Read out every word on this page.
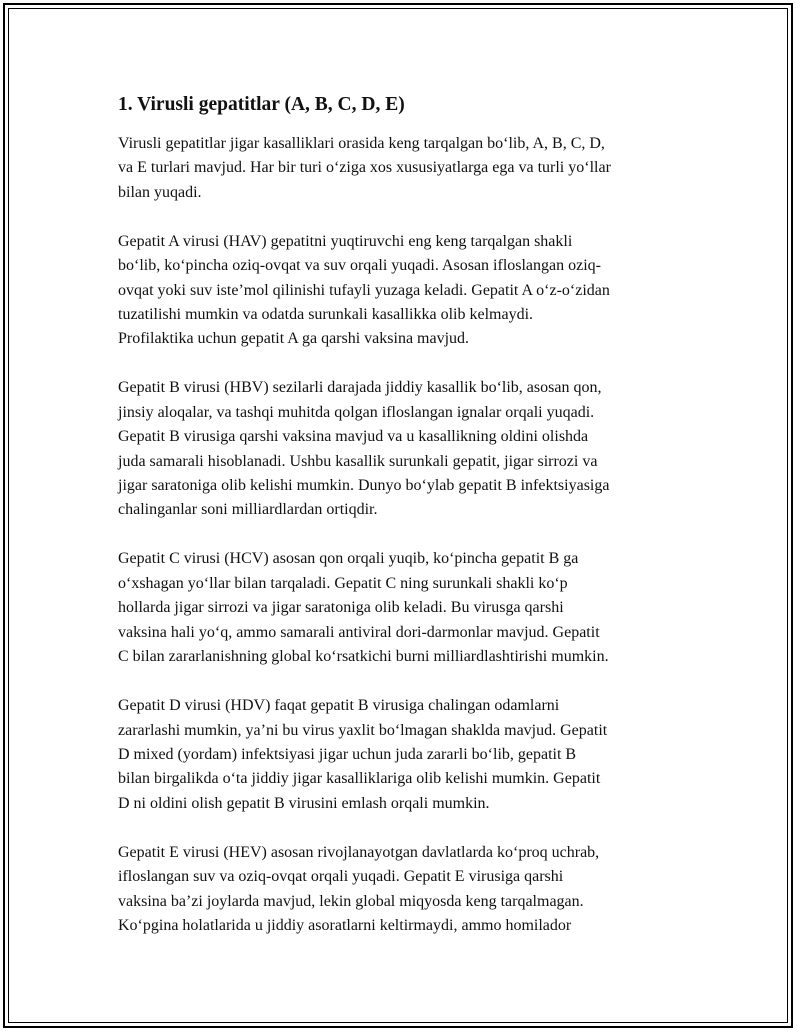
1. Virusli gepatitlar (A, B, C, D, E)

Virusli gepatitlar jigar kasalliklari orasida keng tarqalgan boʻlib, A, B, C, D,
va E turlari mavjud. Har bir turi oʻziga xos xususiyatlarga ega va turli yoʻllar
bilan yuqadi.

Gepatit A virusi (HAV) gepatitni yuqtiruvchi eng keng tarqalgan shakli
boʻlib, koʻpincha oziq-ovqat va suv orqali yuqadi. Asosan ifloslangan oziq-
ovqat yoki suv isteʼmol qilinishi tufayli yuzaga keladi. Gepatit A oʻz-oʻzidan
tuzatilishi mumkin va odatda surunkali kasallikka olib kelmaydi.
Profilaktika uchun gepatit A ga qarshi vaksina mavjud.

Gepatit B virusi (HBV) sezilarli darajada jiddiy kasallik boʻlib, asosan qon,
jinsiy aloqalar, va tashqi muhitda qolgan ifloslangan ignalar orqali yuqadi.
Gepatit B virusiga qarshi vaksina mavjud va u kasallikning oldini olishda
juda samarali hisoblanadi. Ushbu kasallik surunkali gepatit, jigar sirrozi va
jigar saratoniga olib kelishi mumkin. Dunyo boʻylab gepatit B infektsiyasiga
chalinganlar soni milliardlardan ortiqdir.

Gepatit C virusi (HCV) asosan qon orqali yuqib, koʻpincha gepatit B ga
oʻxshagan yoʻllar bilan tarqaladi. Gepatit C ning surunkali shakli koʻp
hollarda jigar sirrozi va jigar saratoniga olib keladi. Bu virusga qarshi
vaksina hali yoʻq, ammo samarali antiviral dori-darmonlar mavjud. Gepatit
C bilan zararlanishning global koʻrsatkichi burni milliardlashtirishi mumkin.

Gepatit D virusi (HDV) faqat gepatit B virusiga chalingan odamlarni
zararlashi mumkin, yaʼni bu virus yaxlit boʻlmagan shaklda mavjud. Gepatit
D mixed (yordam) infektsiyasi jigar uchun juda zararli boʻlib, gepatit B
bilan birgalikda oʻta jiddiy jigar kasalliklariga olib kelishi mumkin. Gepatit
D ni oldini olish gepatit B virusini emlash orqali mumkin.

Gepatit E virusi (HEV) asosan rivojlanayotgan davlatlarda koʻproq uchrab,
ifloslangan suv va oziq-ovqat orqali yuqadi. Gepatit E virusiga qarshi
vaksina baʼzi joylarda mavjud, lekin global miqyosda keng tarqalmagan.
Koʻpgina holatlarida u jiddiy asoratlarni keltirmaydi, ammo homilador
